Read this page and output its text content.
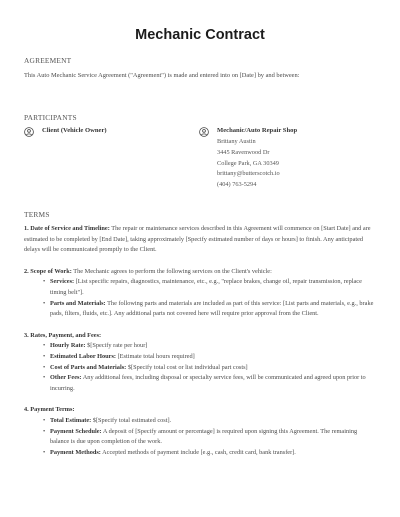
Mechanic Contract

AGREEMENT

This Auto Mechanic Service Agreement ("Agreement") is made and entered into on [Date] by and between:

PARTICIPANTS

Client (Vehicle Owner)	Mechanic/Auto Repair Shop
Brittany Austin
3445 Ravenwood Dr
College Park, GA 30349
brittany@butterscotch.io
(404) 763-5294

TERMS

1. Date of Service and Timeline: The repair or maintenance services described in this Agreement will commence on [Start Date] and are estimated to be completed by [End Date], taking approximately [Specify estimated number of days or hours] to finish. Any anticipated delays will be communicated promptly to the Client.
2. Scope of Work: The Mechanic agrees to perform the following services on the Client's vehicle:
• Services: [List specific repairs, diagnostics, maintenance, etc., e.g., "replace brakes, change oil, repair transmission, replace timing belt"].
• Parts and Materials: The following parts and materials are included as part of this service: [List parts and materials, e.g., brake pads, filters, fluids, etc.]. Any additional parts not covered here will require prior approval from the Client.
3. Rates, Payment, and Fees:
• Hourly Rate: $[Specify rate per hour]
• Estimated Labor Hours: [Estimate total hours required]
• Cost of Parts and Materials: $[Specify total cost or list individual part costs]
• Other Fees: Any additional fees, including disposal or specialty service fees, will be communicated and agreed upon prior to incurring.
4. Payment Terms:
• Total Estimate: $[Specify total estimated cost].
• Payment Schedule: A deposit of [Specify amount or percentage] is required upon signing this Agreement. The remaining balance is due upon completion of the work.
• Payment Methods: Accepted methods of payment include [e.g., cash, credit card, bank transfer].
